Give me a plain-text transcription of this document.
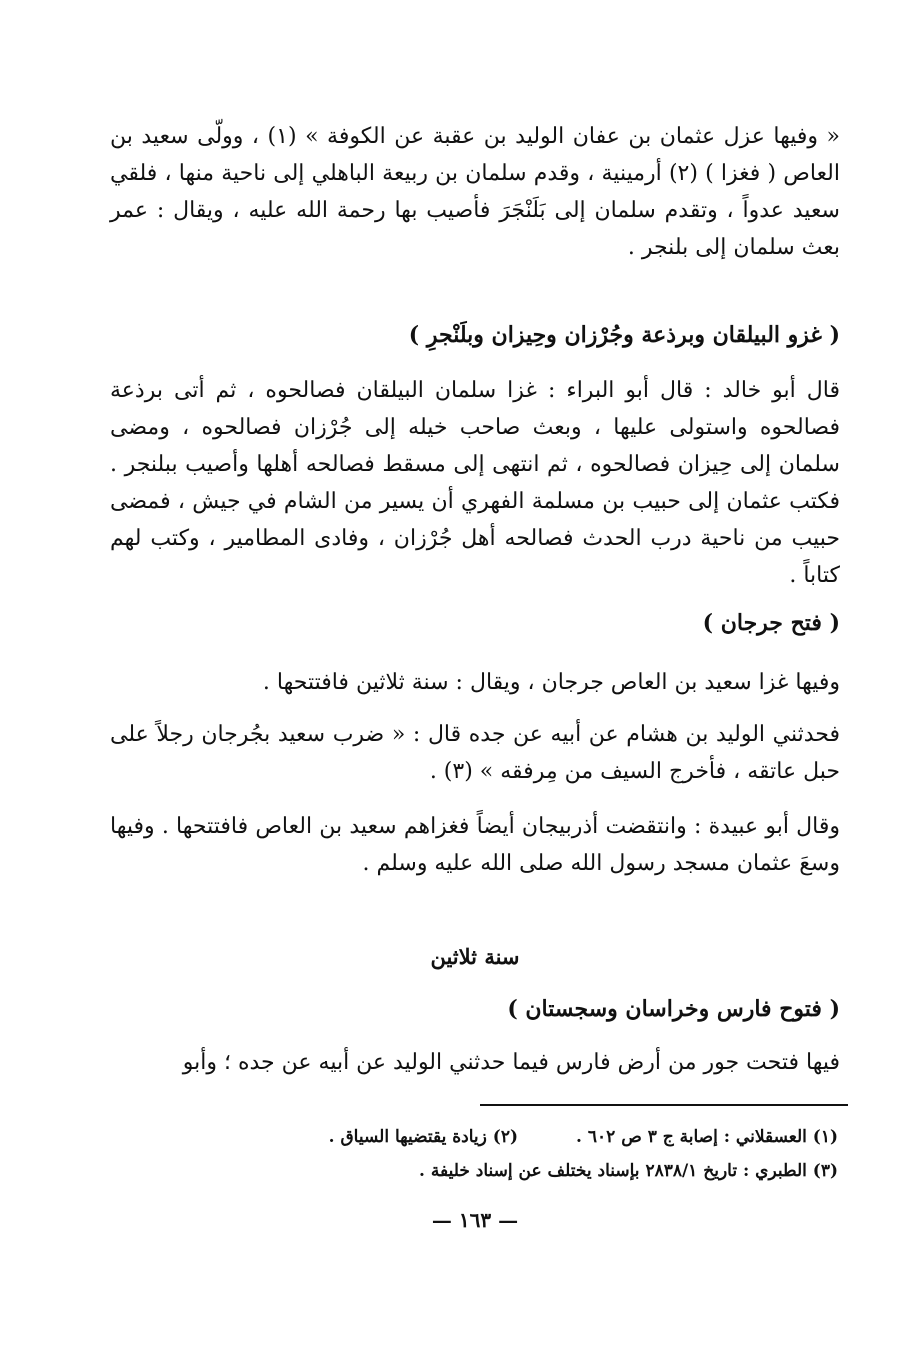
« وفيها عزل عثمان بن عفان الوليد بن عقبة عن الكوفة » (١) ، وولّى سعيد بن العاص ( فغزا ) (٢) أرمينية ، وقدم سلمان بن ربيعة الباهلي إلى ناحية منها ، فلقي سعيد عدواً ، وتقدم سلمان إلى بَلَنْجَرَ فأصيب بها رحمة الله عليه ، ويقال : عمر بعث سلمان إلى بلنجر .

( غزو البيلقان وبرذعة وجُرْزان وحِيزان وبلَنْجرِ )

قال أبو خالد : قال أبو البراء : غزا سلمان البيلقان فصالحوه ، ثم أتى برذعة فصالحوه واستولى عليها ، وبعث صاحب خيله إلى جُرْزان فصالحوه ، ومضى سلمان إلى حِيزان فصالحوه ، ثم انتهى إلى مسقط فصالحه أهلها وأصيب ببلنجر . فكتب عثمان إلى حبيب بن مسلمة الفهري أن يسير من الشام في جيش ، فمضى حبيب من ناحية درب الحدث فصالحه أهل جُرْزان ، وفادى المطامير ، وكتب لهم كتاباً .

( فتح جرجان )

وفيها غزا سعيد بن العاص جرجان ، ويقال : سنة ثلاثين فافتتحها .

فحدثني الوليد بن هشام عن أبيه عن جده قال : « ضرب سعيد بجُرجان رجلاً على حبل عاتقه ، فأخرج السيف من مِرفقه » (٣) .

وقال أبو عبيدة : وانتقضت أذربيجان أيضاً فغزاهم سعيد بن العاص فافتتحها . وفيها وسعَ عثمان مسجد رسول الله صلى الله عليه وسلم .

سنة ثلاثين
( فتوح فارس وخراسان وسجستان )

فيها فتحت جور من أرض فارس فيما حدثني الوليد عن أبيه عن جده ؛ وأبو

(١) العسقلاني : إصابة ج ٣ ص ٦٠٢ .(٢) زيادة يقتضيها السياق .
(٣) الطبري : تاريخ ٢٨٣٨/١ بإسناد يختلف عن إسناد خليفة .
— ١٦٣ —
